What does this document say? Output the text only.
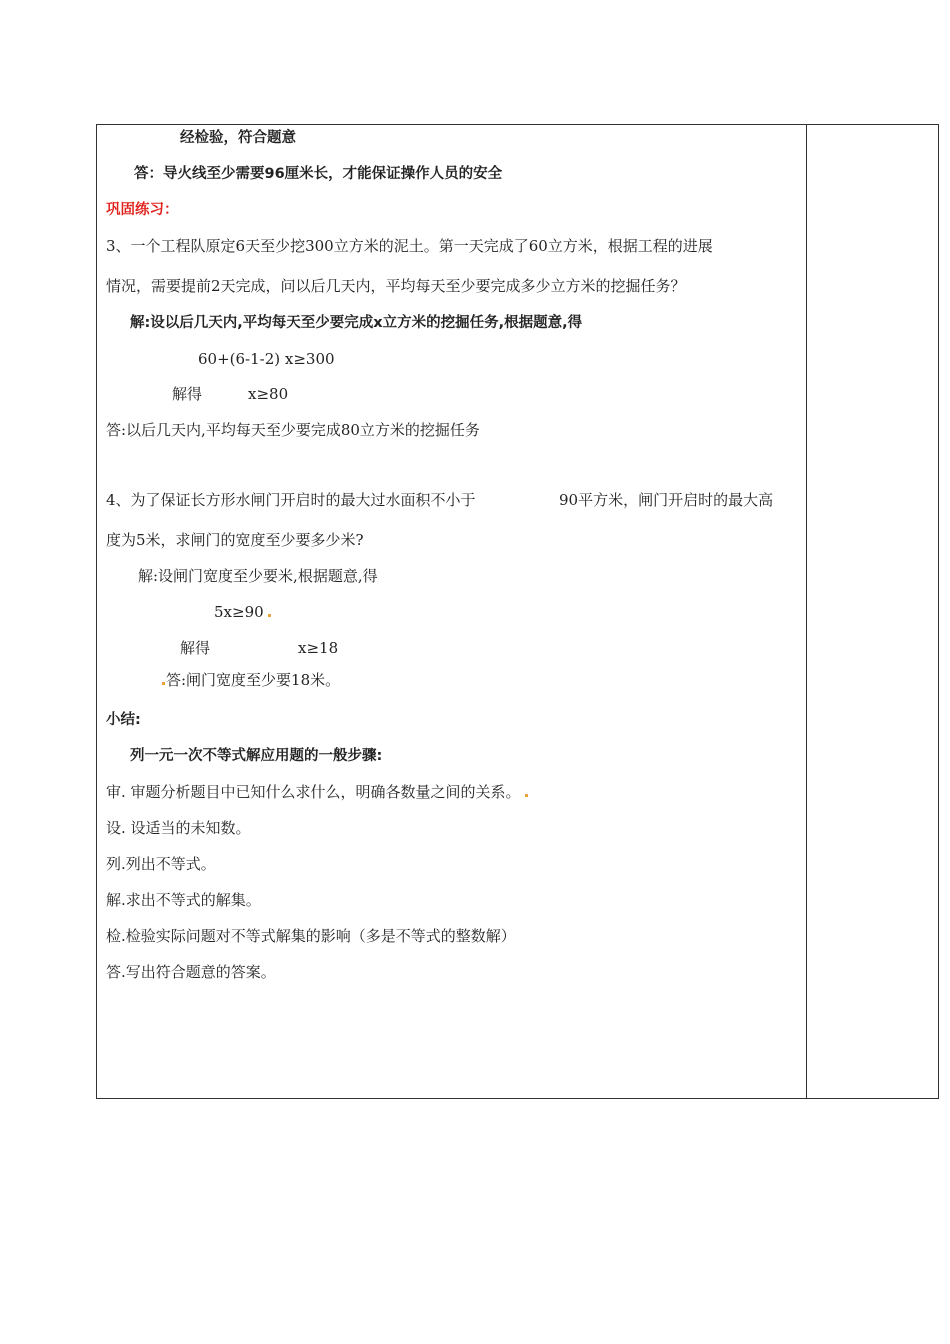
经检验，符合题意
答：导火线至少需要96厘米长，才能保证操作人员的安全
巩固练习：
3、一个工程队原定6天至少挖300立方米的泥土。第一天完成了60立方米，根据工程的进展
情况，需要提前2天完成，问以后几天内，平均每天至少要完成多少立方米的挖掘任务？
解:设以后几天内,平均每天至少要完成x立方米的挖掘任务,根据题意,得
60+(6-1-2) x≥300
解得	x≥80
答:以后几天内,平均每天至少要完成80立方米的挖掘任务
4、为了保证长方形水闸门开启时的最大过水面积不小于	90平方米，闸门开启时的最大高
度为5米，求闸门的宽度至少要多少米?
解:设闸门宽度至少要米,根据题意,得
5x≥90
解得	x≥18
答:闸门宽度至少要18米。
小结:
列一元一次不等式解应用题的一般步骤:
审. 审题分析题目中已知什么求什么，明确各数量之间的关系。
设. 设适当的未知数。
列.列出不等式。
解.求出不等式的解集。
检.检验实际问题对不等式解集的影响（多是不等式的整数解）
答.写出符合题意的答案。
